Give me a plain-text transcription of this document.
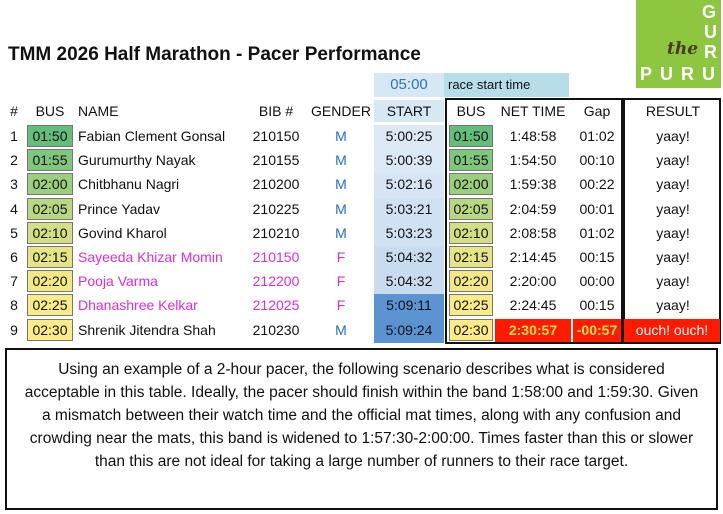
TMM 2026 Half Marathon - Pacer Performance
G
U
R
P U R U
the
05:00	race start time
#	BUS NAME	BIB #	GENDER	START	BUS	NET TIME	Gap	RESULT
1	01:50 Fabian Clement Gonsal	210150	M	5:00:25	01:50	1:48:58	01:02	yaay!
2	01:55 Gurumurthy Nayak	210155	M	5:00:39	01:55	1:54:50	00:10	yaay!
3	02:00 Chitbhanu Nagri	210200	M	5:02:16	02:00	1:59:38	00:22	yaay!
4	02:05 Prince Yadav	210225	M	5:03:21	02:05	2:04:59	00:01	yaay!
5	02:10 Govind Kharol	210210	M	5:03:23	02:10	2:08:58	01:02	yaay!
6	02:15 Sayeeda Khizar Momin	210150	F	5:04:32	02:15	2:14:45	00:15	yaay!
7	02:20 Pooja Varma	212200	F	5:04:32	02:20	2:20:00	00:00	yaay!
8	02:25 Dhanashree Kelkar	212025	F	5:09:11	02:25	2:24:45	00:15	yaay!
9	02:30 Shrenik Jitendra Shah	210230	M	5:09:24	02:30	2:30:57	-00:57	ouch! ouch!
Using an example of a 2-hour pacer, the following scenario describes what is considered acceptable in this table. Ideally, the pacer should finish within the band 1:58:00 and 1:59:30. Given a mismatch between their watch time and the official mat times, along with any confusion and crowding near the mats, this band is widened to 1:57:30-2:00:00. Times faster than this or slower than this are not ideal for taking a large number of runners to their race target.
